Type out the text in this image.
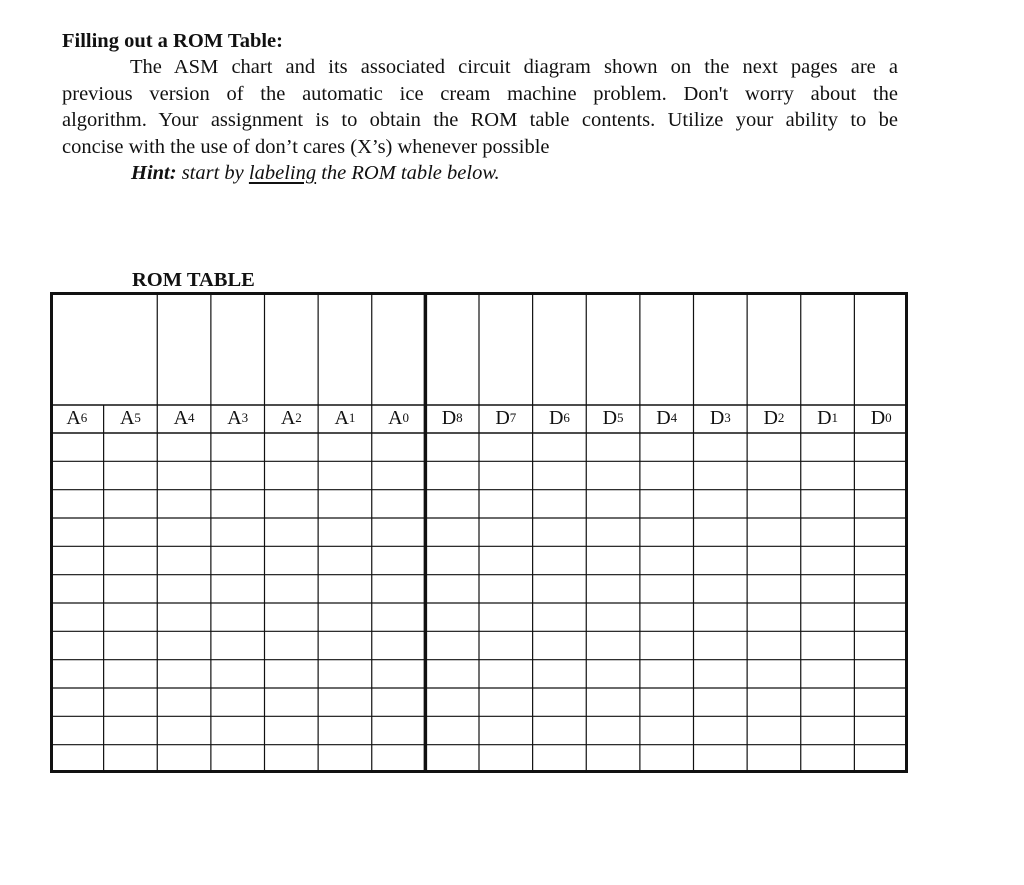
Filling out a ROM Table:
The ASM chart and its associated circuit diagram shown on the next pages are a
previous version of the automatic ice cream machine problem. Don't worry about the
algorithm. Your assignment is to obtain the ROM table contents. Utilize your ability to be
concise with the use of don’t cares (X’s) whenever possible
Hint: start by labeling the ROM table below.
ROM TABLE
A 6 A 5 A 4 A 3 A 2 A 1 A 0 D 8 D 7 D 6 D 5 D 4 D 3 D 2 D 1 D 0
